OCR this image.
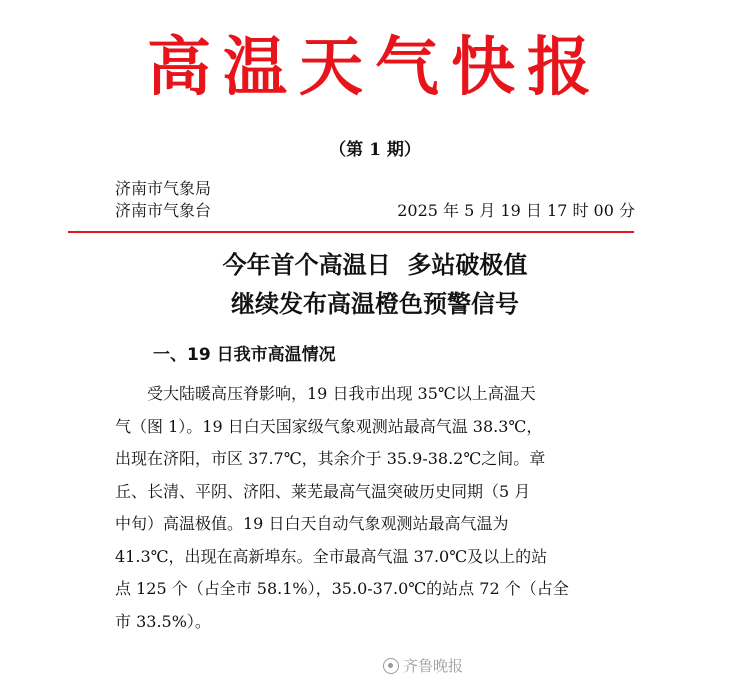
高温天气快报
（第 1 期）
济南市气象局
济南市气象台	2025 年 5 月 19 日 17 时 00 分
今年首个高温日  多站破极值
继续发布高温橙色预警信号
一、19 日我市高温情况
　　受大陆暖高压脊影响，19 日我市出现 35℃以上高温天
气（图 1）。19 日白天国家级气象观测站最高气温 38.3℃，
出现在济阳，市区 37.7℃，其余介于 35.9-38.2℃之间。章
丘、长清、平阴、济阳、莱芜最高气温突破历史同期（5 月
中旬）高温极值。19 日白天自动气象观测站最高气温为
41.3℃，出现在高新埠东。全市最高气温 37.0℃及以上的站
点 125 个（占全市 58.1%），35.0-37.0℃的站点 72 个（占全
市 33.5%）。
齐鲁晚报
